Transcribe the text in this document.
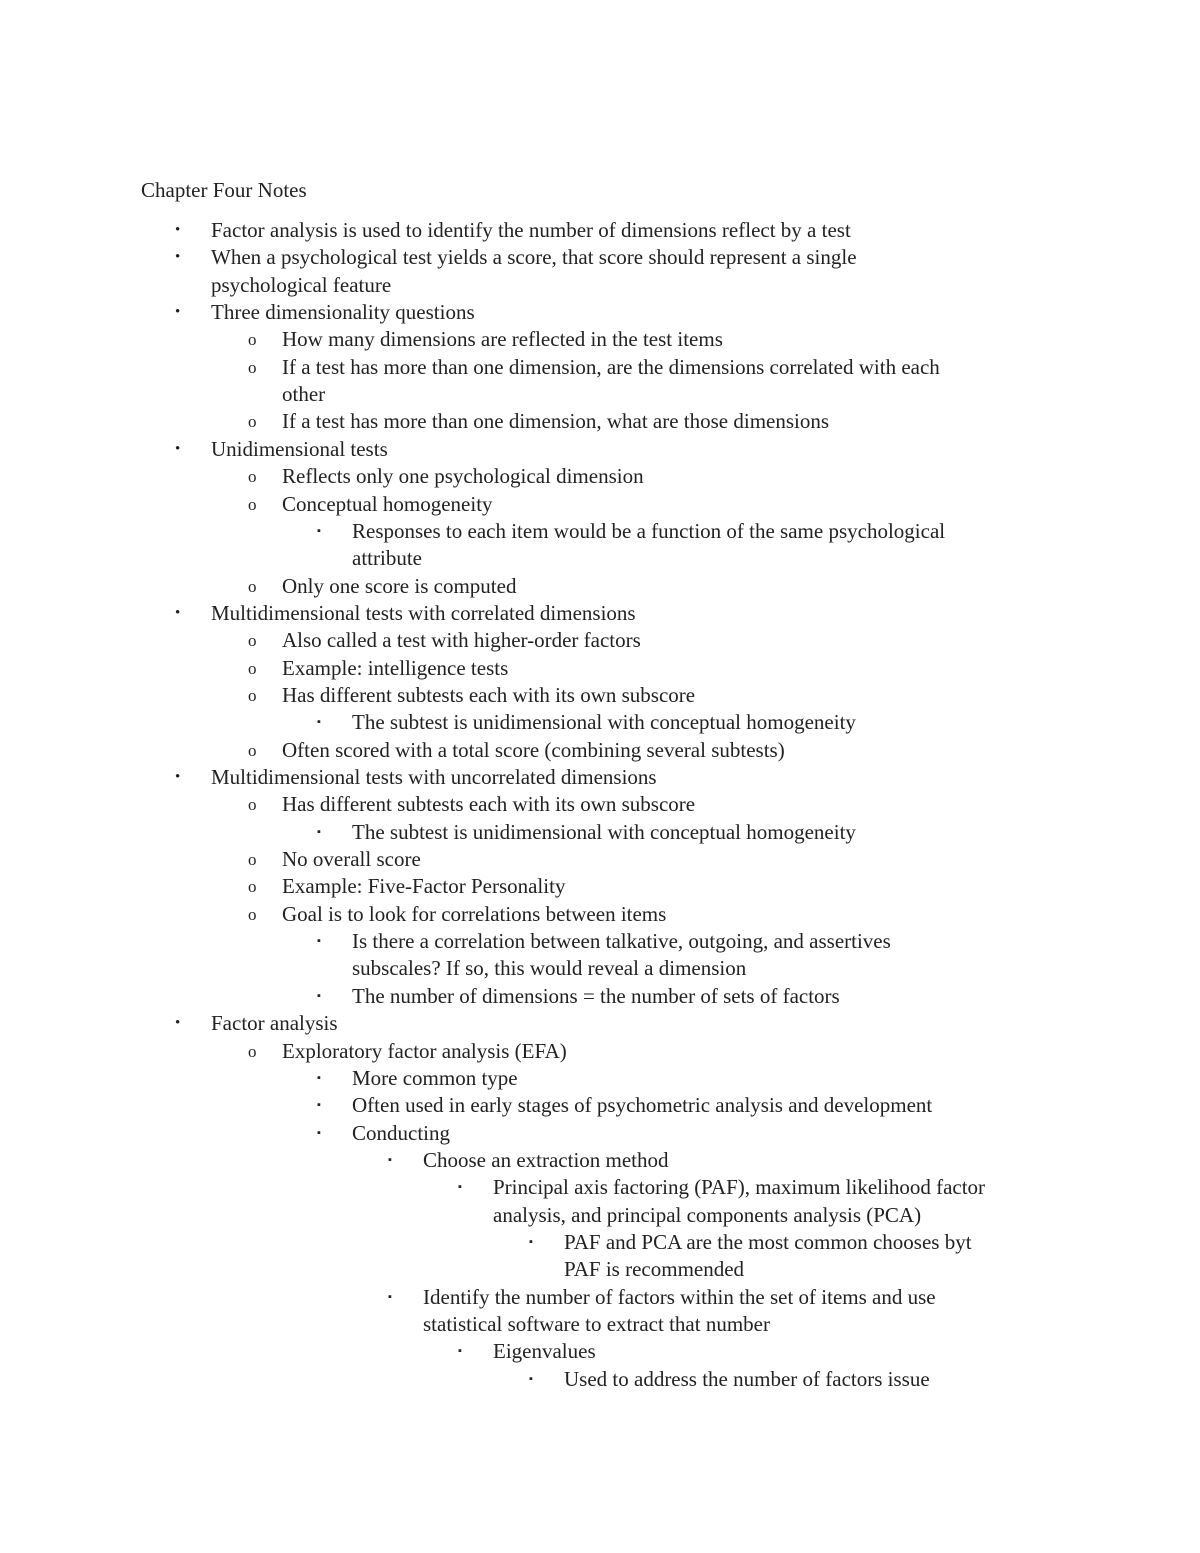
Chapter Four Notes
• Factor analysis is used to identify the number of dimensions reflect by a test
• When a psychological test yields a score, that score should represent a single
psychological feature
• Three dimensionality questions
o How many dimensions are reflected in the test items
o If a test has more than one dimension, are the dimensions correlated with each
other
o If a test has more than one dimension, what are those dimensions
• Unidimensional tests
o Reflects only one psychological dimension
o Conceptual homogeneity
▪ Responses to each item would be a function of the same psychological
attribute
o Only one score is computed
• Multidimensional tests with correlated dimensions
o Also called a test with higher-order factors
o Example: intelligence tests
o Has different subtests each with its own subscore
▪ The subtest is unidimensional with conceptual homogeneity
o Often scored with a total score (combining several subtests)
• Multidimensional tests with uncorrelated dimensions
o Has different subtests each with its own subscore
▪ The subtest is unidimensional with conceptual homogeneity
o No overall score
o Example: Five-Factor Personality
o Goal is to look for correlations between items
▪ Is there a correlation between talkative, outgoing, and assertives
subscales? If so, this would reveal a dimension
▪ The number of dimensions = the number of sets of factors
• Factor analysis
o Exploratory factor analysis (EFA)
▪ More common type
▪ Often used in early stages of psychometric analysis and development
▪ Conducting
▪ Choose an extraction method
▪ Principal axis factoring (PAF), maximum likelihood factor
analysis, and principal components analysis (PCA)
▪ PAF and PCA are the most common chooses byt
PAF is recommended
▪ Identify the number of factors within the set of items and use
statistical software to extract that number
▪ Eigenvalues
▪ Used to address the number of factors issue
